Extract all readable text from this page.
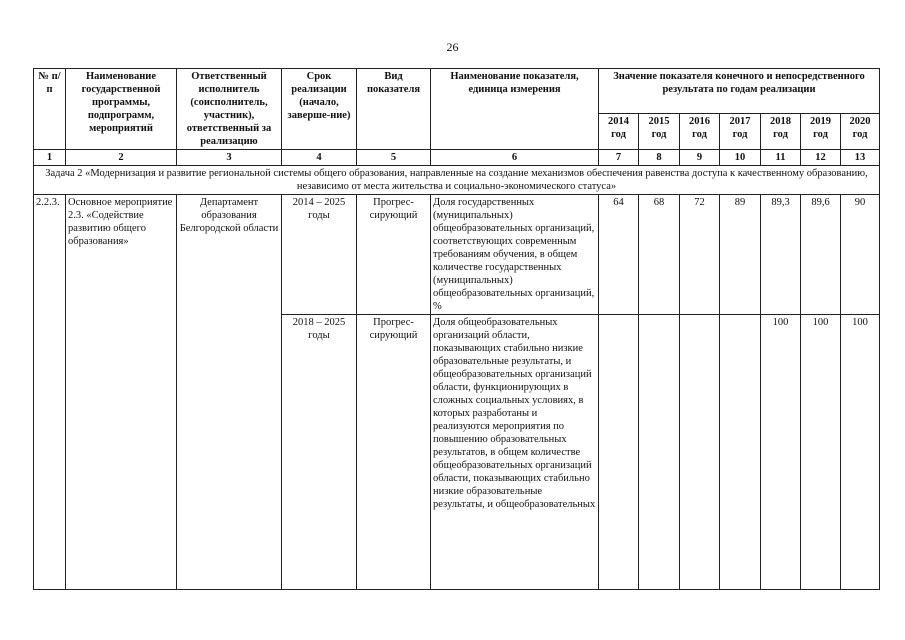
26
№ п/п	Наименование государственной программы, подпрограмм, мероприятий	Ответственный исполнитель (соисполнитель, участник), ответственный за реализацию	Срок реализации (начало, заверше-ние)	Вид показателя	Наименование показателя, единица измерения	Значение показателя конечного и непосредственного результата по годам реализации						
						2014 год	2015 год	2016 год	2017 год	2018 год	2019 год	2020 год
1	2	3	4	5	6	7	8	9	10	11	12	13
Задача 2 «Модернизация и развитие региональной системы общего образования, направленные на создание механизмов обеспечения равенства доступа к качественному образованию, независимо от места жительства и социально-экономического статуса»												
2.2.3.	Основное мероприятие 2.3. «Содействие развитию общего образования»	Департамент образования Белгородской области	2014 – 2025 годы	Прогрес-сирующий	Доля государственных (муниципальных) общеобразовательных организаций, соответствующих современным требованиям обучения, в общем количестве государственных (муниципальных) общеобразовательных организаций, %	64	68	72	89	89,3	89,6	90
			2018 – 2025 годы	Прогрес-сирующий	Доля общеобразовательных организаций области, показывающих стабильно низкие образовательные результаты, и общеобразовательных организаций области, функционирующих в сложных социальных условиях, в которых разработаны и реализуются мероприятия по повышению образовательных результатов, в общем количестве общеобразовательных организаций области, показывающих стабильно низкие образовательные результаты, и общеобразовательных					100	100	100
